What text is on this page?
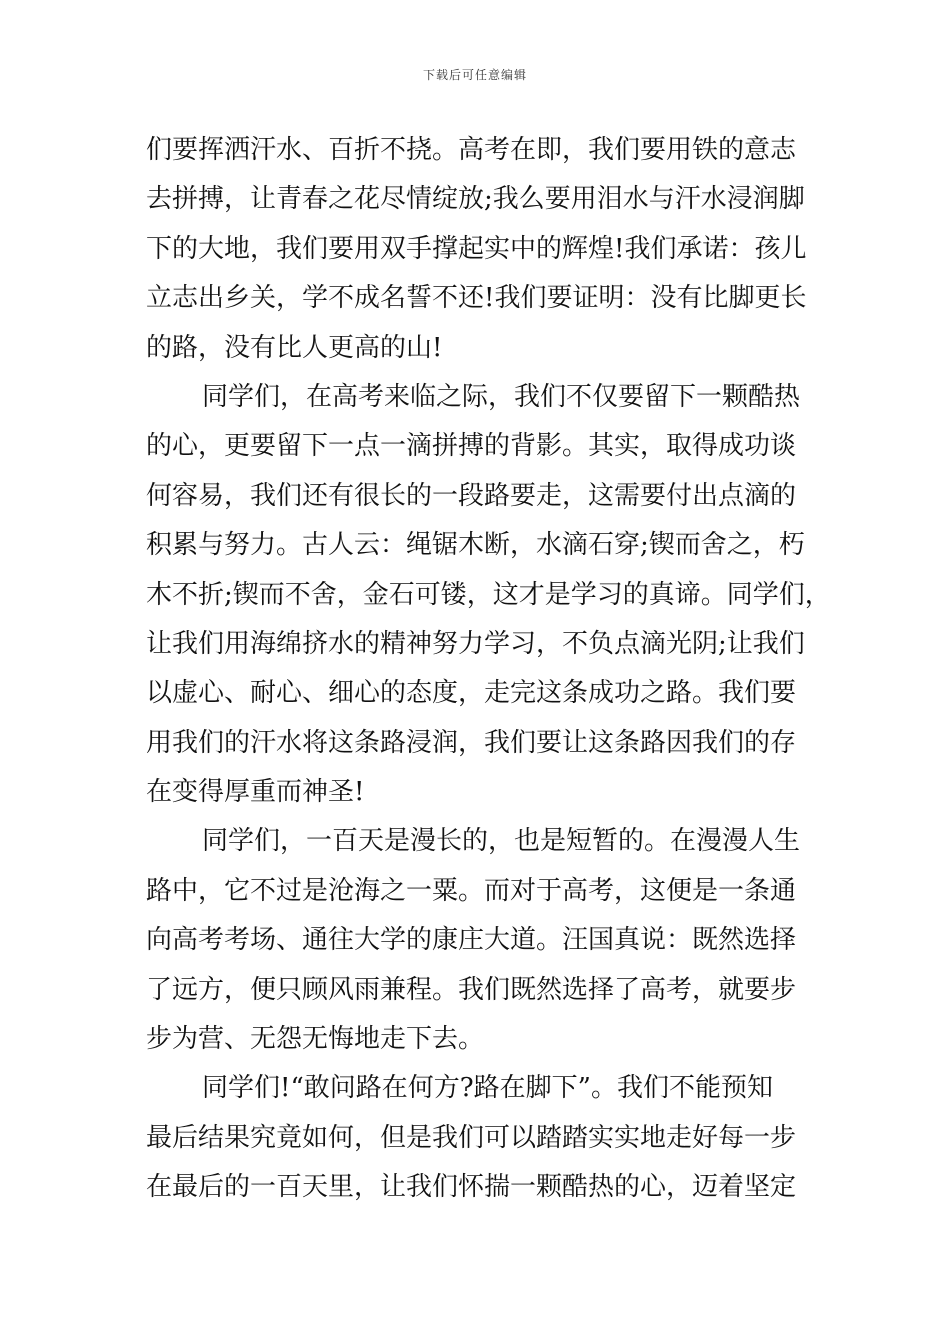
下载后可任意编辑
们要挥洒汗水、百折不挠。高考在即，我们要用铁的意志
去拼搏，让青春之花尽情绽放;我么要用泪水与汗水浸润脚
下的大地，我们要用双手撑起实中的辉煌!我们承诺：孩儿
立志出乡关，学不成名誓不还!我们要证明：没有比脚更长
的路，没有比人更高的山!
同学们，在高考来临之际，我们不仅要留下一颗酷热
的心，更要留下一点一滴拼搏的背影。其实，取得成功谈
何容易，我们还有很长的一段路要走，这需要付出点滴的
积累与努力。古人云：绳锯木断，水滴石穿;锲而舍之，朽
木不折;锲而不舍，金石可镂，这才是学习的真谛。同学们，
让我们用海绵挤水的精神努力学习，不负点滴光阴;让我们
以虚心、耐心、细心的态度，走完这条成功之路。我们要
用我们的汗水将这条路浸润，我们要让这条路因我们的存
在变得厚重而神圣!
同学们，一百天是漫长的，也是短暂的。在漫漫人生
路中，它不过是沧海之一粟。而对于高考，这便是一条通
向高考考场、通往大学的康庄大道。汪国真说：既然选择
了远方，便只顾风雨兼程。我们既然选择了高考，就要步
步为营、无怨无悔地走下去。
同学们!“敢问路在何方?路在脚下”。我们不能预知
最后结果究竟如何，但是我们可以踏踏实实地走好每一步
在最后的一百天里，让我们怀揣一颗酷热的心，迈着坚定
